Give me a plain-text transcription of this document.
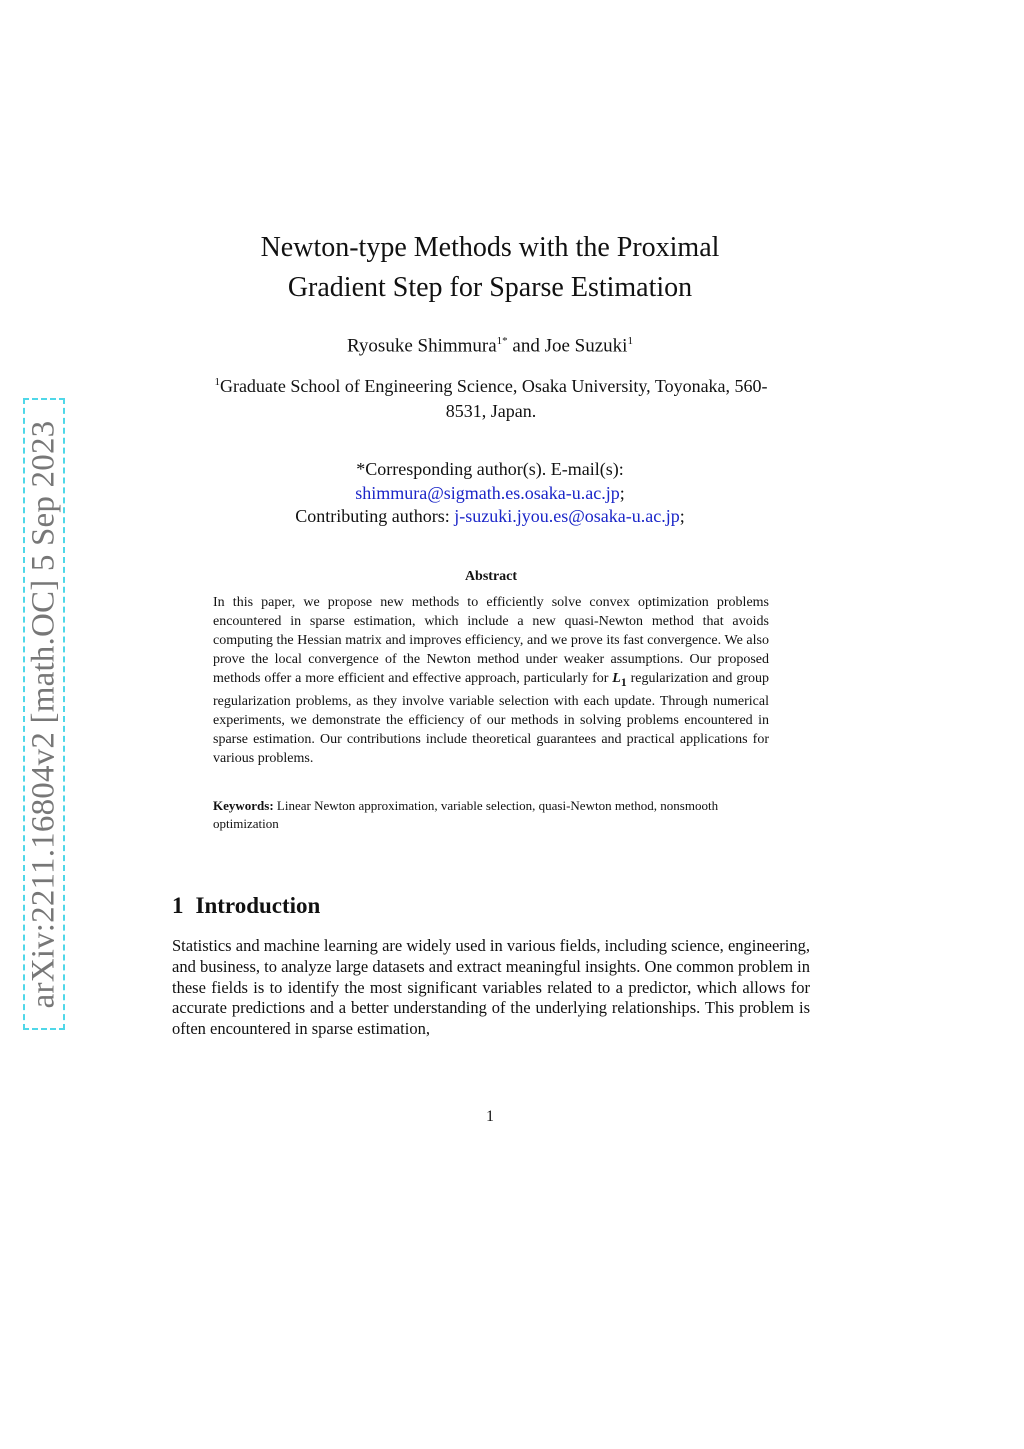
arXiv:2211.16804v2 [math.OC] 5 Sep 2023
Newton-type Methods with the Proximal Gradient Step for Sparse Estimation
Ryosuke Shimmura$^{1*}$ and Joe Suzuki$^1$
$^1$Graduate School of Engineering Science, Osaka University, Toyonaka, 560-8531, Japan.
*Corresponding author(s). E-mail(s):
shimmura@sigmath.es.osaka-u.ac.jp;
Contributing authors: j-suzuki.jyou.es@osaka-u.ac.jp;
Abstract

In this paper, we propose new methods to efficiently solve convex optimization problems encountered in sparse estimation, which include a new quasi-Newton method that avoids computing the Hessian matrix and improves efficiency, and we prove its fast convergence. We also prove the local convergence of the Newton method under weaker assumptions. Our proposed methods offer a more efficient and effective approach, particularly for $L_1$ regularization and group regularization problems, as they involve variable selection with each update. Through numerical experiments, we demonstrate the efficiency of our methods in solving problems encountered in sparse estimation. Our contributions include theoretical guarantees and practical applications for various problems.

Keywords: Linear Newton approximation, variable selection, quasi-Newton method, nonsmooth optimization
1 Introduction

Statistics and machine learning are widely used in various fields, including science, engineering, and business, to analyze large datasets and extract meaningful insights. One common problem in these fields is to identify the most significant variables related to a predictor, which allows for accurate predictions and a better understanding of the underlying relationships. This problem is often encountered in sparse estimation,

1
